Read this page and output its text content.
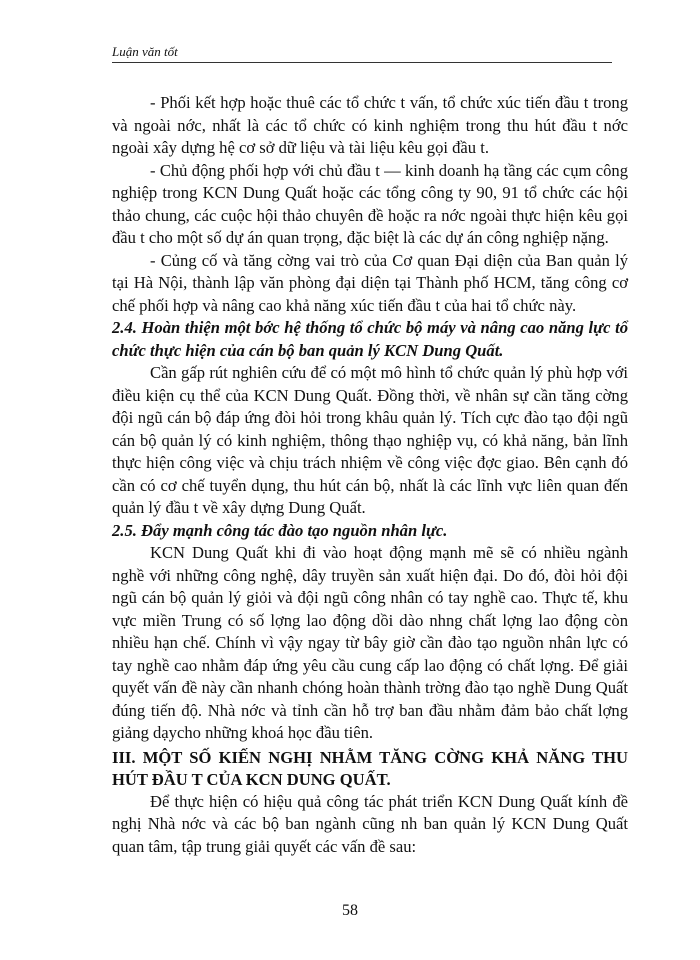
Luận văn tốt

- Phối kết hợp hoặc thuê các tổ chức t vấn, tổ chức xúc tiến đầu t trong và ngoài nớc, nhất là các tổ chức có kinh nghiệm trong thu hút đầu t nớc ngoài xây dựng hệ cơ sở dữ liệu và tài liệu kêu gọi đầu t.

- Chủ động phối hợp với chủ đầu t — kinh doanh hạ tầng các cụm công nghiệp trong KCN Dung Quất hoặc các tổng công ty 90, 91 tổ chức các hội thảo chung, các cuộc hội thảo chuyên đề hoặc ra nớc ngoài thực hiện kêu gọi đầu t cho một số dự án quan trọng, đặc biệt là các dự án công nghiệp nặng.

- Củng cố và tăng cờng vai trò của Cơ quan Đại diện của Ban quản lý tại Hà Nội, thành lập văn phòng đại diện tại Thành phố HCM, tăng công cơ chế phối hợp và nâng cao khả năng xúc tiến đầu t của hai tổ chức này.

2.4. Hoàn thiện một bớc hệ thống tổ chức bộ máy và nâng cao năng lực tổ chức thực hiện của cán bộ ban quản lý KCN Dung Quất.

Cần gấp rút nghiên cứu để có một mô hình tổ chức quản lý phù hợp với điều kiện cụ thể của KCN Dung Quất. Đồng thời, về nhân sự cần tăng cờng đội ngũ cán bộ đáp ứng đòi hỏi trong khâu quản lý. Tích cực đào tạo đội ngũ cán bộ quản lý có kinh nghiệm, thông thạo nghiệp vụ, có khả năng, bản lĩnh thực hiện công việc và chịu trách nhiệm về công việc đợc giao. Bên cạnh đó cần có cơ chế tuyển dụng, thu hút cán bộ, nhất là các lĩnh vực liên quan đến quản lý đầu t về xây dựng Dung Quất.

2.5. Đẩy mạnh công tác đào tạo nguồn nhân lực.

KCN Dung Quất khi đi vào hoạt động mạnh mẽ sẽ có nhiều ngành nghề với những công nghệ, dây truyền sản xuất hiện đại. Do đó, đòi hỏi đội ngũ cán bộ quản lý giỏi và đội ngũ công nhân có tay nghề cao. Thực tế, khu vực miền Trung có số lợng lao động dồi dào nhng chất lợng lao động còn nhiều hạn chế. Chính vì vậy ngay từ bây giờ cần đào tạo nguồn nhân lực có tay nghề cao nhằm đáp ứng yêu cầu cung cấp lao động có chất lợng. Để giải quyết vấn đề này cần nhanh chóng hoàn thành trờng đào tạo nghề Dung Quất đúng tiến độ. Nhà nớc và tỉnh cần hỗ trợ ban đầu nhằm đảm bảo chất lợng giảng dạycho những khoá học đầu tiên.

III. MỘT SỐ KIẾN NGHỊ NHẰM TĂNG CỜNG KHẢ NĂNG THU HÚT ĐẦU T CỦA KCN DUNG QUẤT.

Để thực hiện có hiệu quả công tác phát triển KCN Dung Quất kính đề nghị Nhà nớc và các bộ ban ngành cũng nh ban quản lý KCN Dung Quất quan tâm, tập trung giải quyết các vấn đề sau:

58
